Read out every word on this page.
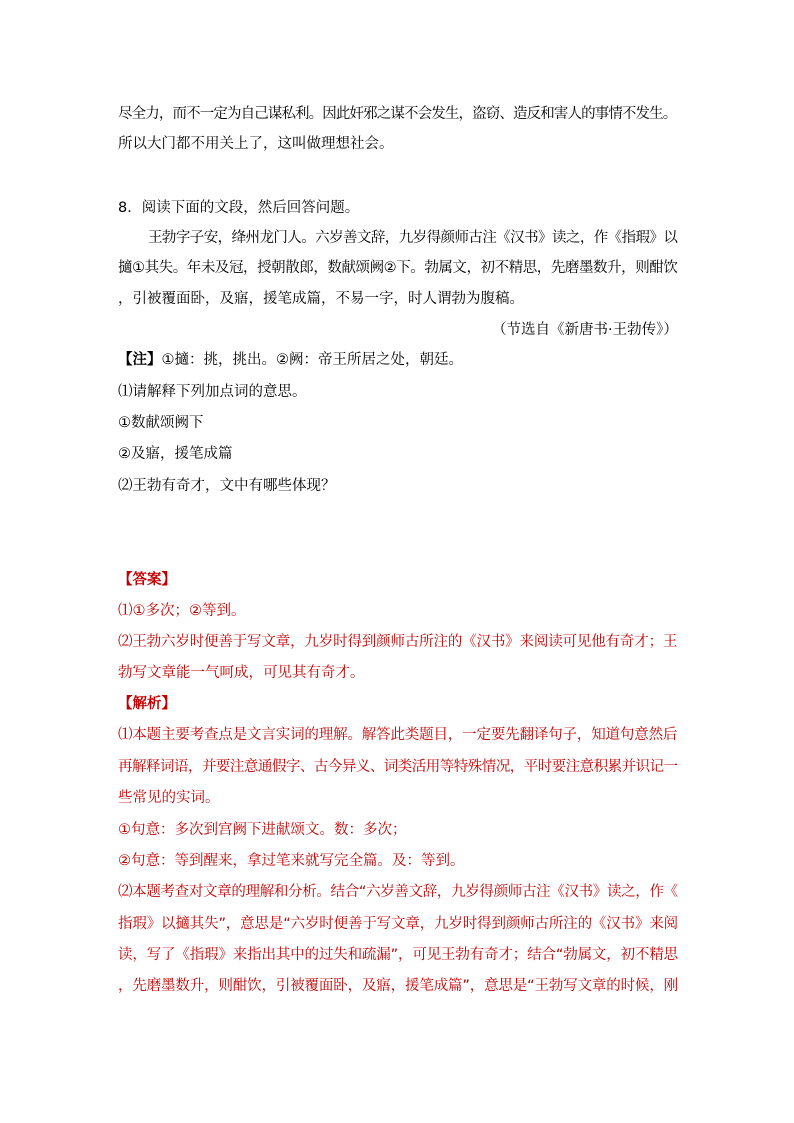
尽全力，而不一定为自己谋私利。因此奸邪之谋不会发生，盗窃、造反和害人的事情不发生。
所以大门都不用关上了，这叫做理想社会。
8．阅读下面的文段，然后回答问题。
王勃字子安，绛州龙门人。六岁善文辞，九岁得颜师古注《汉书》读之，作《指瑕》以
擿①其失。年未及冠，授朝散郎，数献颂阙②下。勃属文，初不精思，先磨墨数升，则酣饮
，引被覆面卧，及寤，援笔成篇，不易一字，时人谓勃为腹稿。
（节选自《新唐书·王勃传》）
【注】①擿：挑，挑出。②阙：帝王所居之处，朝廷。
⑴请解释下列加点词的意思。
①数献颂阙下
②及寤，援笔成篇
⑵王勃有奇才，文中有哪些体现？
【答案】
⑴①多次；②等到。
⑵王勃六岁时便善于写文章，九岁时得到颜师古所注的《汉书》来阅读可见他有奇才；王
勃写文章能一气呵成，可见其有奇才。
【解析】
⑴本题主要考查点是文言实词的理解。解答此类题目，一定要先翻译句子，知道句意然后
再解释词语，并要注意通假字、古今异义、词类活用等特殊情况，平时要注意积累并识记一
些常见的实词。
①句意：多次到宫阙下进献颂文。数：多次；
②句意：等到醒来，拿过笔来就写完全篇。及：等到。
⑵本题考查对文章的理解和分析。结合“六岁善文辞，九岁得颜师古注《汉书》读之，作《
指瑕》以擿其失”，意思是“六岁时便善于写文章，九岁时得到颜师古所注的《汉书》来阅
读，写了《指瑕》来指出其中的过失和疏漏”，可见王勃有奇才；结合“勃属文，初不精思
，先磨墨数升，则酣饮，引被覆面卧，及寤，援笔成篇”，意思是“王勃写文章的时候，刚
